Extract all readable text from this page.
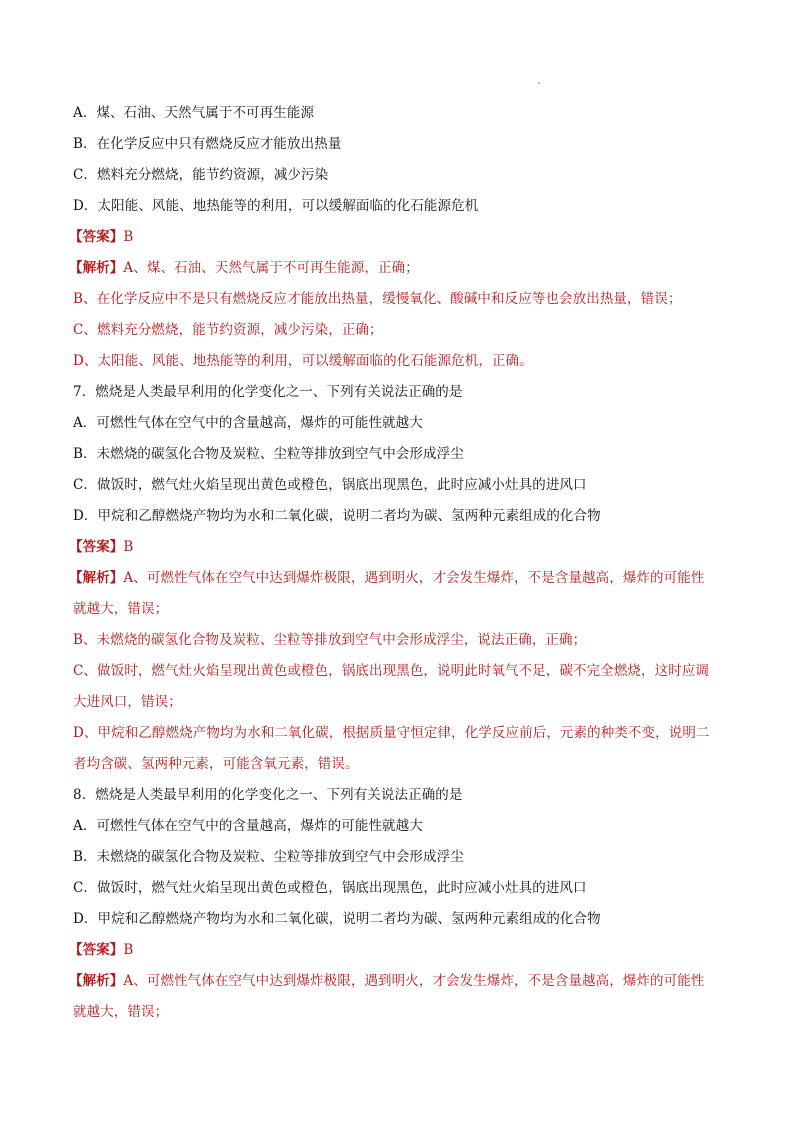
A．煤、石油、天然气属于不可再生能源
B．在化学反应中只有燃烧反应才能放出热量
C．燃料充分燃烧，能节约资源，减少污染
D．太阳能、风能、地热能等的利用，可以缓解面临的化石能源危机
【答案】B
【解析】A、煤、石油、天然气属于不可再生能源，正确；
B、在化学反应中不是只有燃烧反应才能放出热量，缓慢氧化、酸碱中和反应等也会放出热量，错误；
C、燃料充分燃烧，能节约资源，减少污染，正确；
D、太阳能、风能、地热能等的利用，可以缓解面临的化石能源危机，正确。
7．燃烧是人类最早利用的化学变化之一、下列有关说法正确的是
A．可燃性气体在空气中的含量越高，爆炸的可能性就越大
B．未燃烧的碳氢化合物及炭粒、尘粒等排放到空气中会形成浮尘
C．做饭时，燃气灶火焰呈现出黄色或橙色，锅底出现黑色，此时应减小灶具的进风口
D．甲烷和乙醇燃烧产物均为水和二氧化碳，说明二者均为碳、氢两种元素组成的化合物
【答案】B
【解析】A、可燃性气体在空气中达到爆炸极限，遇到明火，才会发生爆炸，不是含量越高，爆炸的可能性
就越大，错误；
B、未燃烧的碳氢化合物及炭粒、尘粒等排放到空气中会形成浮尘，说法正确，正确；
C、做饭时，燃气灶火焰呈现出黄色或橙色，锅底出现黑色，说明此时氧气不足，碳不完全燃烧，这时应调
大进风口，错误；
D、甲烷和乙醇燃烧产物均为水和二氧化碳，根据质量守恒定律，化学反应前后，元素的种类不变，说明二
者均含碳、氢两种元素，可能含氧元素，错误。
8．燃烧是人类最早利用的化学变化之一、下列有关说法正确的是
A．可燃性气体在空气中的含量越高，爆炸的可能性就越大
B．未燃烧的碳氢化合物及炭粒、尘粒等排放到空气中会形成浮尘
C．做饭时，燃气灶火焰呈现出黄色或橙色，锅底出现黑色，此时应减小灶具的进风口
D．甲烷和乙醇燃烧产物均为水和二氧化碳，说明二者均为碳、氢两种元素组成的化合物
【答案】B
【解析】A、可燃性气体在空气中达到爆炸极限，遇到明火，才会发生爆炸，不是含量越高，爆炸的可能性
就越大，错误；
